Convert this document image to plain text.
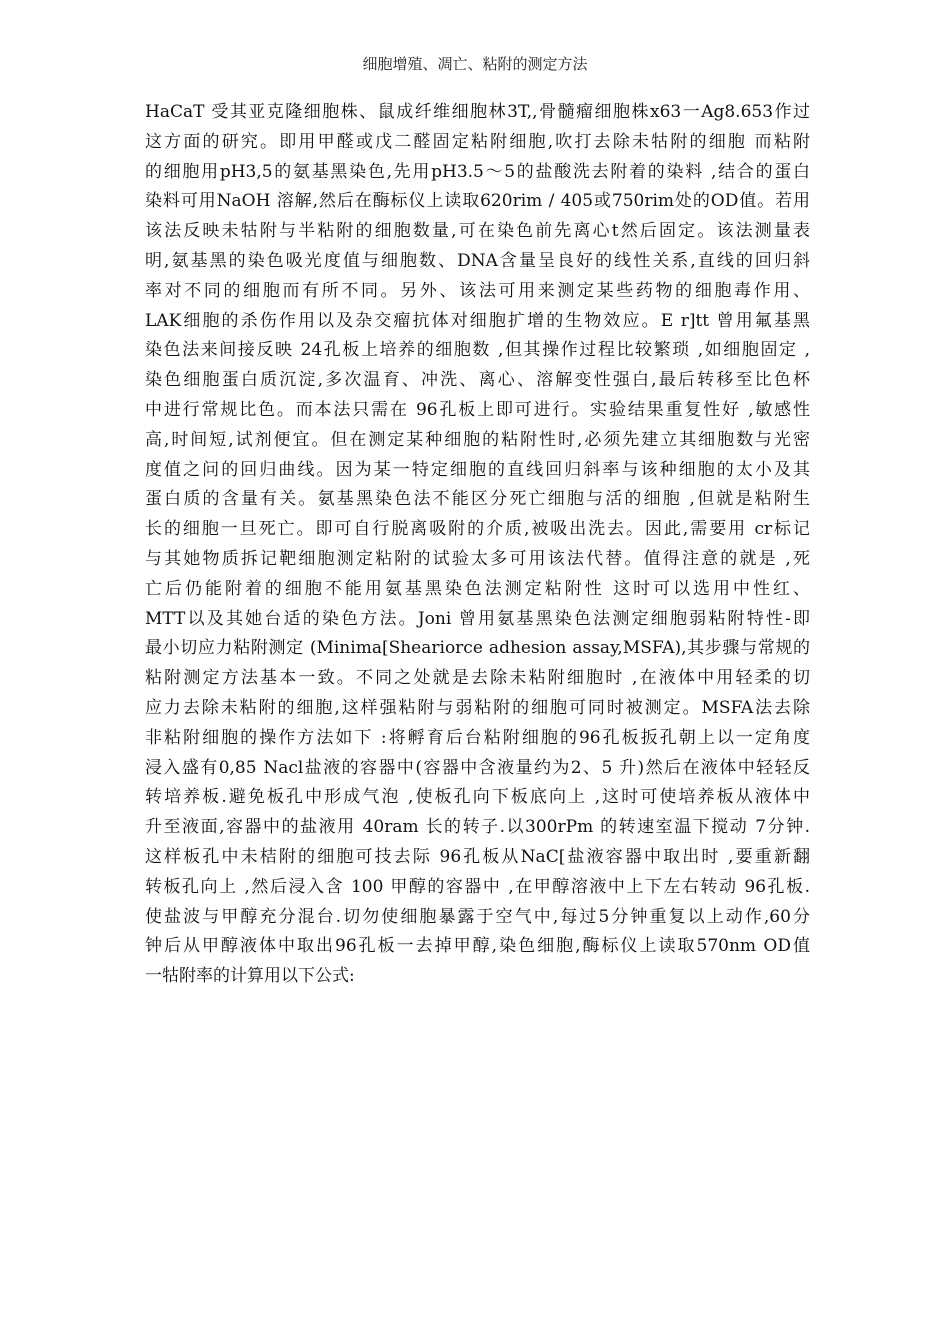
细胞增殖、凋亡、粘附的测定方法
HaCaT 受其亚克隆细胞株、鼠成纤维细胞林3T,,骨髓瘤细胞株x63一Ag8.653作过
这方面的研究。即用甲醛或戊二醛固定粘附细胞,吹打去除未牯附的细胞 而粘附
的细胞用pH3,5的氨基黑染色,先用pH3.5～5的盐酸洗去附着的染料 ,结合的蛋白
染料可用NaOH 溶解,然后在酶标仪上读取620rim / 405或750rim处的OD值。若用
该法反映未牯附与半粘附的细胞数量,可在染色前先离心t然后固定。该法测量表
明,氨基黑的染色吸光度值与细胞数、DNA含量呈良好的线性关系,直线的回归斜
率对不同的细胞而有所不同。另外、该法可用来测定某些药物的细胞毒作用、
LAK细胞的杀伤作用以及杂交瘤抗体对细胞扩增的生物效应。E r]tt 曾用氟基黑
染色法来间接反映 24孔板上培养的细胞数 ,但其操作过程比较繁琐 ,如细胞固定 ,
染色细胞蛋白质沉淀,多次温育、冲洗、离心、溶解变性强白,最后转移至比色杯
中进行常规比色。而本法只需在 96孔板上即可进行。实验结果重复性好 ,敏感性
高,时间短,试剂便宜。但在测定某种细胞的粘附性时,必须先建立其细胞数与光密
度值之问的回归曲线。因为某一特定细胞的直线回归斜率与该种细胞的太小及其
蛋白质的含量有关。氨基黑染色法不能区分死亡细胞与活的细胞 ,但就是粘附生
长的细胞一旦死亡。即可自行脱离吸附的介质,被吸出洗去。因此,需要用 cr标记
与其她物质拆记靶细胞测定粘附的试验太多可用该法代替。值得注意的就是 ,死
亡后仍能附着的细胞不能用氨基黑染色法测定粘附性 这时可以选用中性红、
MTT以及其她台适的染色方法。Joni 曾用氨基黑染色法测定细胞弱粘附特性-即
最小切应力粘附测定 (Minima[Sheariorce adhesion assay,MSFA),其步骤与常规的
粘附测定方法基本一致。不同之处就是去除未粘附细胞时 ,在液体中用轻柔的切
应力去除未粘附的细胞,这样强粘附与弱粘附的细胞可同时被测定。MSFA法去除
非粘附细胞的操作方法如下 :将孵育后台粘附细胞的96孔板扳孔朝上以一定角度
浸入盛有0,85 Nacl盐液的容器中(容器中含液量约为2、5 升)然后在液体中轻轻反
转培养板.避免板孔中形成气泡 ,使板孔向下板底向上 ,这时可使培养板从液体中
升至液面,容器中的盐液用 40ram 长的转子.以300rPm 的转速室温下搅动 7分钟.
这样板孔中未桔附的细胞可技去际 96孔板从NaC[盐液容器中取出时 ,要重新翻
转板孔向上 ,然后浸入含 100 甲醇的容器中 ,在甲醇溶液中上下左右转动 96孔板.
使盐波与甲醇充分混台.切勿使细胞暴露于空气中,每过5分钟重复以上动作,60分
钟后从甲醇液体中取出96孔板一去掉甲醇,染色细胞,酶标仪上读取570nm OD值
一牯附率的计算用以下公式:
